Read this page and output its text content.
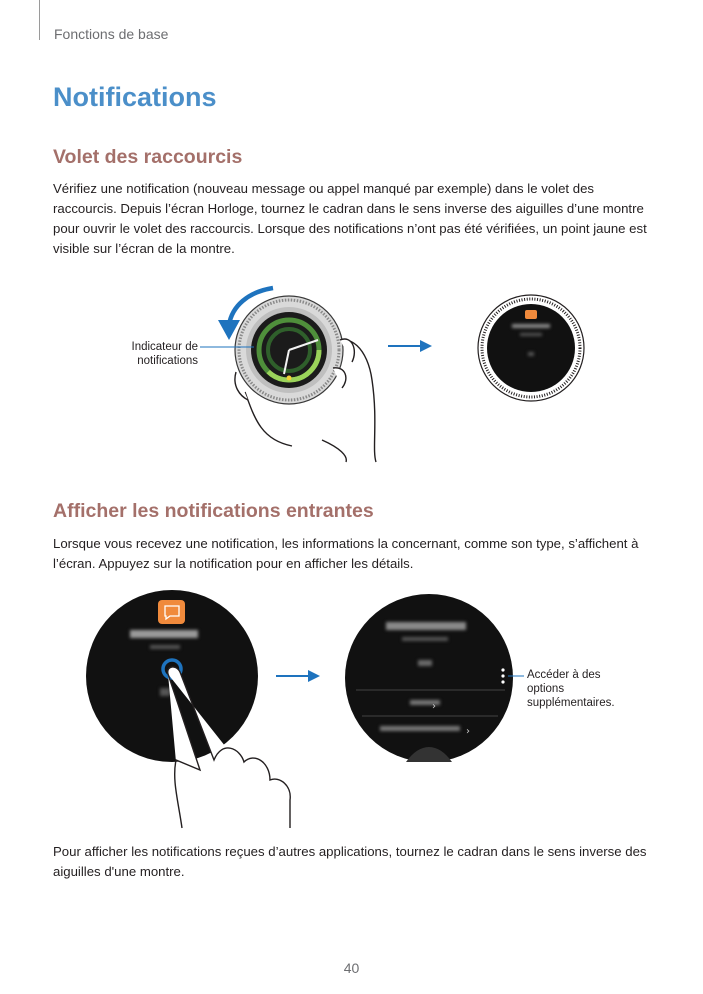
Fonctions de base
Notifications
Volet des raccourcis

Vérifiez une notification (nouveau message ou appel manqué par exemple) dans le volet des raccourcis. Depuis l’écran Horloge, tournez le cadran dans le sens inverse des aiguilles d’une montre pour ouvrir le volet des raccourcis. Lorsque des notifications n’ont pas été vérifiées, un point jaune est visible sur l’écran de la montre.

Indicateur de notifications
Afficher les notifications entrantes

Lorsque vous recevez une notification, les informations la concernant, comme son type, s’affichent à l’écran. Appuyez sur la notification pour en afficher les détails.

›
›
Accéder à des options supplémentaires.

Pour afficher les notifications reçues d’autres applications, tournez le cadran dans le sens inverse des aiguilles d'une montre.

40
